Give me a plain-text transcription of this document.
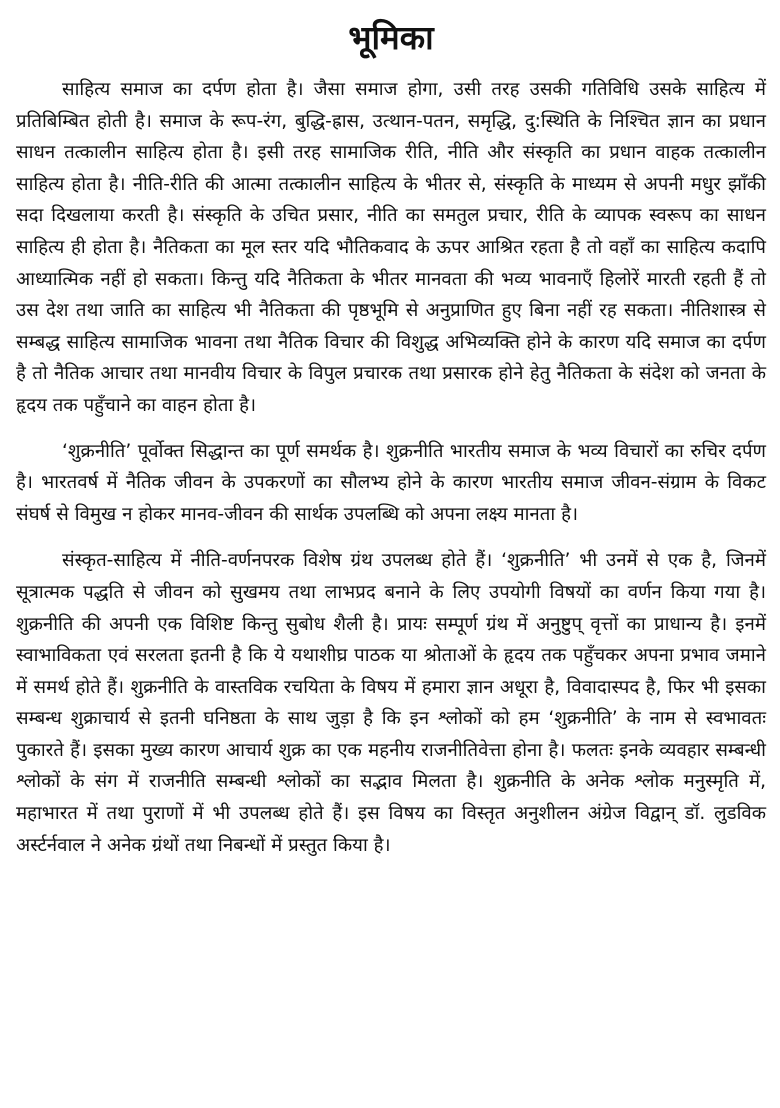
भूमिका

साहित्य समाज का दर्पण होता है। जैसा समाज होगा, उसी तरह उसकी गतिविधि उसके साहित्य में प्रतिबिम्बित होती है। समाज के रूप-रंग, बुद्धि-ह्रास, उत्थान-पतन, समृद्धि, दु:स्थिति के निश्चित ज्ञान का प्रधान साधन तत्कालीन साहित्य होता है। इसी तरह सामाजिक रीति, नीति और संस्कृति का प्रधान वाहक तत्कालीन साहित्य होता है। नीति-रीति की आत्मा तत्कालीन साहित्य के भीतर से, संस्कृति के माध्यम से अपनी मधुर झाँकी सदा दिखलाया करती है। संस्कृति के उचित प्रसार, नीति का समतुल प्रचार, रीति के व्यापक स्वरूप का साधन साहित्य ही होता है। नैतिकता का मूल स्तर यदि भौतिकवाद के ऊपर आश्रित रहता है तो वहाँ का साहित्य कदापि आध्यात्मिक नहीं हो सकता। किन्तु यदि नैतिकता के भीतर मानवता की भव्य भावनाएँ हिलोरें मारती रहती हैं तो उस देश तथा जाति का साहित्य भी नैतिकता की पृष्ठभूमि से अनुप्राणित हुए बिना नहीं रह सकता। नीतिशास्त्र से सम्बद्ध साहित्य सामाजिक भावना तथा नैतिक विचार की विशुद्ध अभिव्यक्ति होने के कारण यदि समाज का दर्पण है तो नैतिक आचार तथा मानवीय विचार के विपुल प्रचारक तथा प्रसारक होने हेतु नैतिकता के संदेश को जनता के हृदय तक पहुँचाने का वाहन होता है।

‘शुक्रनीति’ पूर्वोक्त सिद्धान्त का पूर्ण समर्थक है। शुक्रनीति भारतीय समाज के भव्य विचारों का रुचिर दर्पण है। भारतवर्ष में नैतिक जीवन के उपकरणों का सौलभ्य होने के कारण भारतीय समाज जीवन-संग्राम के विकट संघर्ष से विमुख न होकर मानव-जीवन की सार्थक उपलब्धि को अपना लक्ष्य मानता है।

संस्कृत-साहित्य में नीति-वर्णनपरक विशेष ग्रंथ उपलब्ध होते हैं। ‘शुक्रनीति’ भी उनमें से एक है, जिनमें सूत्रात्मक पद्धति से जीवन को सुखमय तथा लाभप्रद बनाने के लिए उपयोगी विषयों का वर्णन किया गया है। शुक्रनीति की अपनी एक विशिष्ट किन्तु सुबोध शैली है। प्रायः सम्पूर्ण ग्रंथ में अनुष्टुप् वृत्तों का प्राधान्य है। इनमें स्वाभाविकता एवं सरलता इतनी है कि ये यथाशीघ्र पाठक या श्रोताओं के हृदय तक पहुँचकर अपना प्रभाव जमाने में समर्थ होते हैं। शुक्रनीति के वास्तविक रचयिता के विषय में हमारा ज्ञान अधूरा है, विवादास्पद है, फिर भी इसका सम्बन्ध शुक्राचार्य से इतनी घनिष्ठता के साथ जुड़ा है कि इन श्लोकों को हम ‘शुक्रनीति’ के नाम से स्वभावतः पुकारते हैं। इसका मुख्य कारण आचार्य शुक्र का एक महनीय राजनीतिवेत्ता होना है। फलतः इनके व्यवहार सम्बन्धी श्लोकों के संग में राजनीति सम्बन्धी श्लोकों का सद्भाव मिलता है। शुक्रनीति के अनेक श्लोक मनुस्मृति में, महाभारत में तथा पुराणों में भी उपलब्ध होते हैं। इस विषय का विस्तृत अनुशीलन अंग्रेज विद्वान् डॉ. लुडविक अर्स्टर्नवाल ने अनेक ग्रंथों तथा निबन्धों में प्रस्तुत किया है।
